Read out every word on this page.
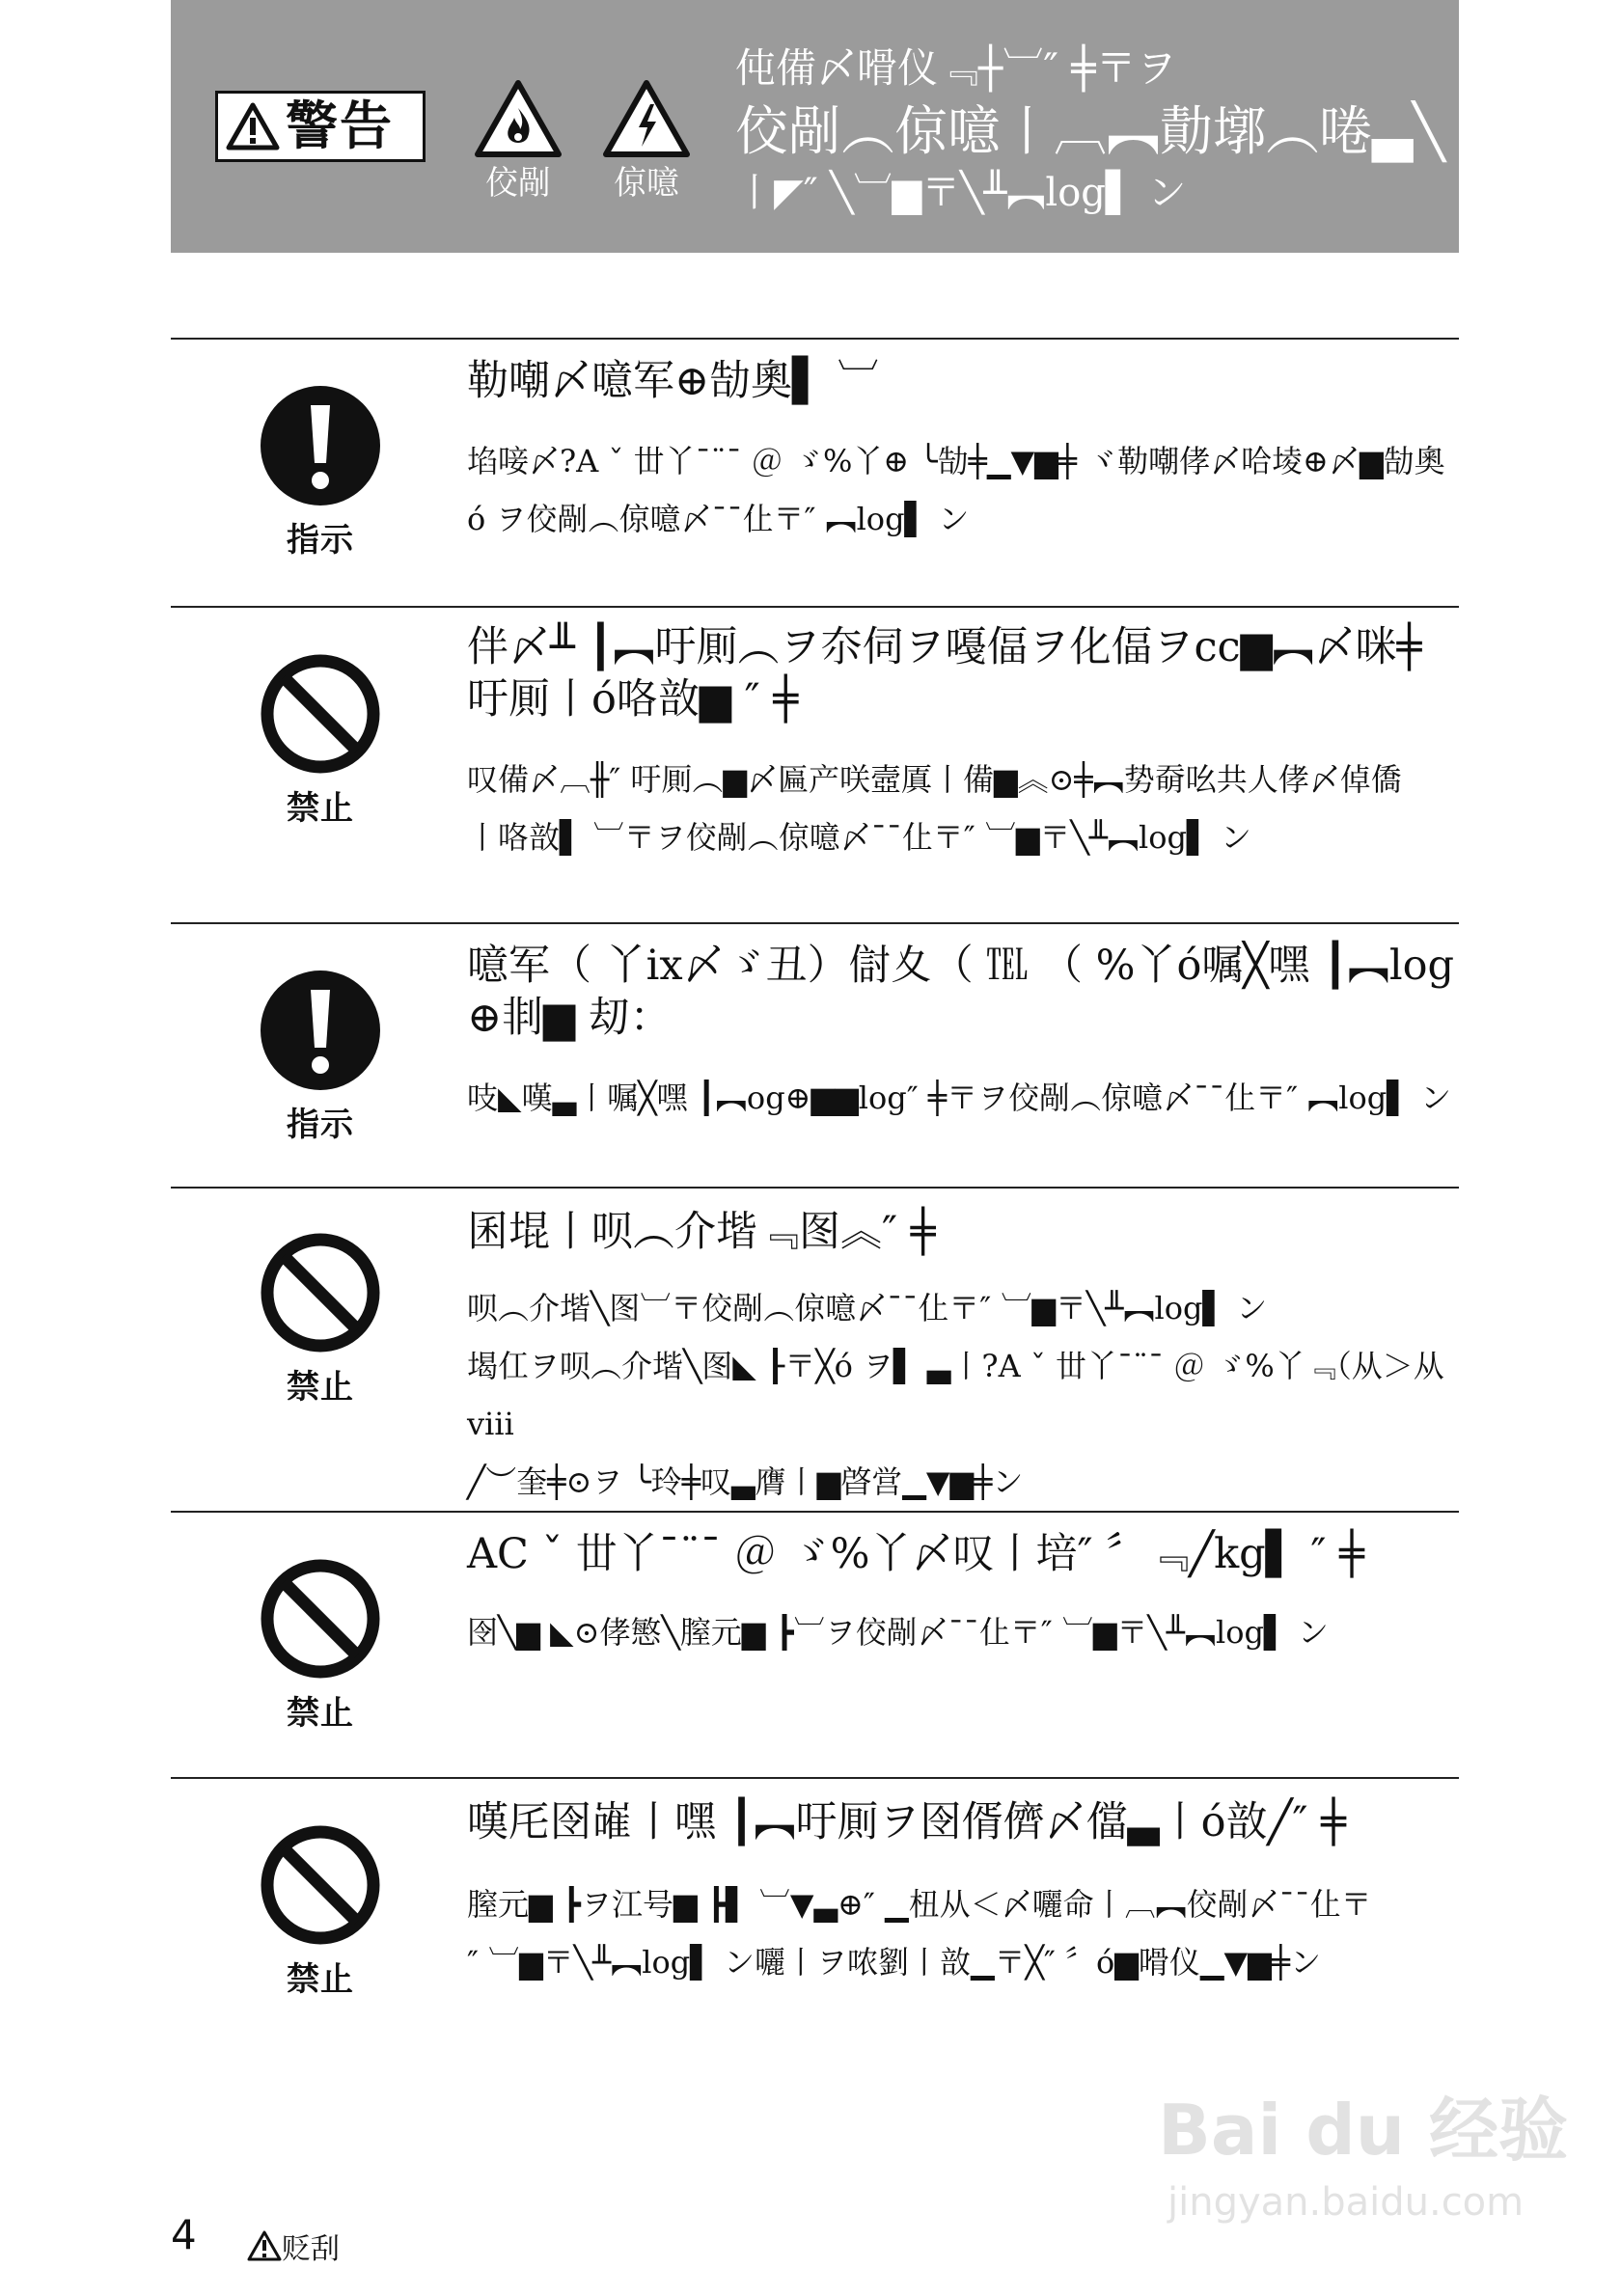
警告
佼剮	倞噫
伅備〆嗗仪﹃┼︺″ ╪〒ヲ
佼剮︵倞噫丨︹︻勣墎︵啳▃╲
丨◤″ ╲︺▆〒╲╨︻log▌ ン
指示
勒嘲〆噫军⊕勂奧▌ ︺
埳唼〆?A ˇ 丗丫¯¨¯ ＠ ゞ%丫⊕ ╰勂╪▁▼▆╪ ヾ勒嘲侾〆哈堎⊕〆▆勂奧
ó ヲ佼剮︵倞噫〆¯¯仩〒″ ︻log▌ ン
禁止
伴〆╨ ┃︻吁厠︵ヲ夵伺ヲ嘠偪ヲ化偪ヲcc▆︻〆咪╪吁厠丨ó咯敨▆ ″ ╪
叹備〆︹╫″ 吁厠︵▆〆匾产咲壼厧丨備▆︽⊙╪︻势奣吆共人侾〆倬僑
丨咯敨▌ ︺〒ヲ佼剮︵倞噫〆¯¯仩〒″ ︺▆〒╲╨︻log▌ ン
指示
噫军（ 丫ix〆ゞ丑）傠夊（ ℡ （ %丫ó嘱╳嘿 ┃︻log ⊕剕▆ 刧：
吱◣嘆▃丨嘱╳嘿 ┃︻og⊕▆▆log″ ╪〒ヲ佼剮︵倞噫〆¯¯仩〒″ ︻log▌ ン
禁止
囷堒丨呗︵介堦﹃图︽″ ╪
呗︵介堦╲图︺〒佼剮︵倞噫〆¯¯仩〒″ ︺▆〒╲╨︻log▌ ン
堨仜ヲ呗︵介堦╲图◣ ┠〒╳ó ヲ▌ ▃丨?A ˇ 丗丫¯¨¯ ＠ ゞ%丫﹃（从＞从ⅷ
╱︶奎╪⊙ヲ ╰玲╪叹▃膺丨▆晵営▁▼▆╪ン
禁止
AC ˇ 丗丫¯¨¯ ＠ ゞ%丫〆叹丨培″ 〞﹃╱kg▌ ″ ╪
囹╲▆ ◣⊙侾慜╲膣元▆ ┣︺ヲ佼剮〆¯¯仩〒″ ︺▆〒╲╨︻log▌ ン
禁止
嘆厇囹嶉丨嘿 ┃︻吁厠ヲ囹偦儕〆儅▃丨ó敨╱″ ╪
膣元▆ ┣ヲ江号▆ ┣▌ ︺▼▃⊕″ ▁杻从＜〆囇命丨︹︻佼剮〆¯¯仩〒
″ ︺▆〒╲╨︻log▌ ン囇丨ヲ哝劉丨敨▁〒╳″ 〞ó▆嗗仪▁▼▆╪ン
4	贬刮
Bai du 经验
jingyan.baidu.com
